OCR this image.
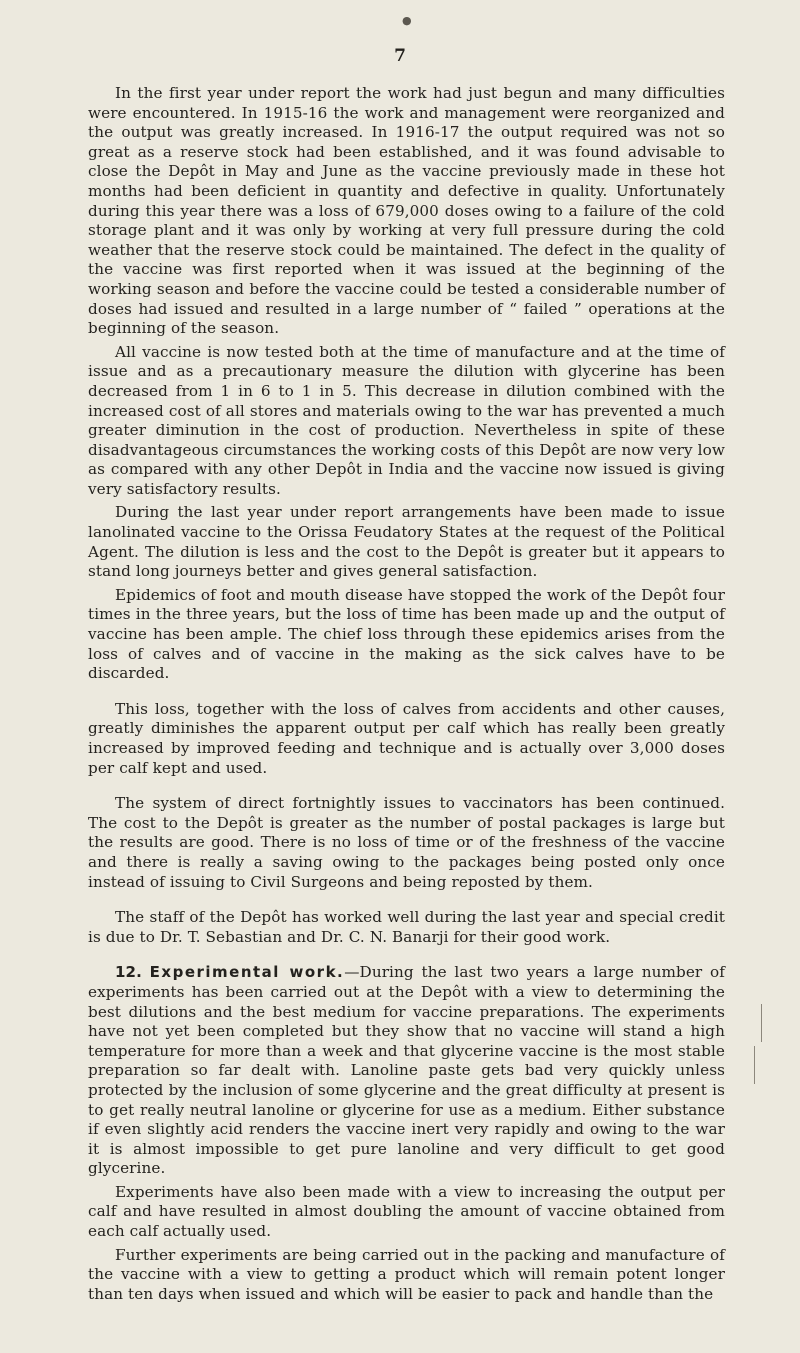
●
7

In the first year under report the work had just begun and many difficulties were encountered. In 1915-16 the work and management were reorganized and the output was greatly increased. In 1916-17 the output required was not so great as a reserve stock had been established, and it was found advisable to close the Depôt in May and June as the vaccine previously made in these hot months had been deficient in quantity and defective in quality. Unfortunately during this year there was a loss of 679,000 doses owing to a failure of the cold storage plant and it was only by working at very full pressure during the cold weather that the reserve stock could be maintained. The defect in the quality of the vaccine was first reported when it was issued at the beginning of the working season and before the vaccine could be tested a considerable number of doses had issued and resulted in a large number of “ failed ” operations at the beginning of the season.

All vaccine is now tested both at the time of manufacture and at the time of issue and as a precautionary measure the dilution with glycerine has been decreased from 1 in 6 to 1 in 5. This decrease in dilution combined with the increased cost of all stores and materials owing to the war has prevented a much greater diminution in the cost of production. Nevertheless in spite of these disadvantageous circumstances the working costs of this Depôt are now very low as compared with any other Depôt in India and the vaccine now issued is giving very satisfactory results.

During the last year under report arrangements have been made to issue lanolinated vaccine to the Orissa Feudatory States at the request of the Political Agent. The dilution is less and the cost to the Depôt is greater but it appears to stand long journeys better and gives general satisfaction.

Epidemics of foot and mouth disease have stopped the work of the Depôt four times in the three years, but the loss of time has been made up and the output of vaccine has been ample. The chief loss through these epidemics arises from the loss of calves and of vaccine in the making as the sick calves have to be discarded.

This loss, together with the loss of calves from accidents and other causes, greatly diminishes the apparent output per calf which has really been greatly increased by improved feeding and technique and is actually over 3,000 doses per calf kept and used.

The system of direct fortnightly issues to vaccinators has been continued. The cost to the Depôt is greater as the number of postal packages is large but the results are good. There is no loss of time or of the freshness of the vaccine and there is really a saving owing to the packages being posted only once instead of issuing to Civil Surgeons and being reposted by them.

The staff of the Depôt has worked well during the last year and special credit is due to Dr. T. Sebastian and Dr. C. N. Banarji for their good work.

12. Experimental work.—During the last two years a large number of experiments has been carried out at the Depôt with a view to determining the best dilutions and the best medium for vaccine preparations. The experiments have not yet been completed but they show that no vaccine will stand a high temperature for more than a week and that glycerine vaccine is the most stable preparation so far dealt with. Lanoline paste gets bad very quickly unless protected by the inclusion of some glycerine and the great difficulty at present is to get really neutral lanoline or glycerine for use as a medium. Either substance if even slightly acid renders the vaccine inert very rapidly and owing to the war it is almost impossible to get pure lanoline and very difficult to get good glycerine.

Experiments have also been made with a view to increasing the output per calf and have resulted in almost doubling the amount of vaccine obtained from each calf actually used.

Further experiments are being carried out in the packing and manufacture of the vaccine with a view to getting a product which will remain potent longer than ten days when issued and which will be easier to pack and handle than the
